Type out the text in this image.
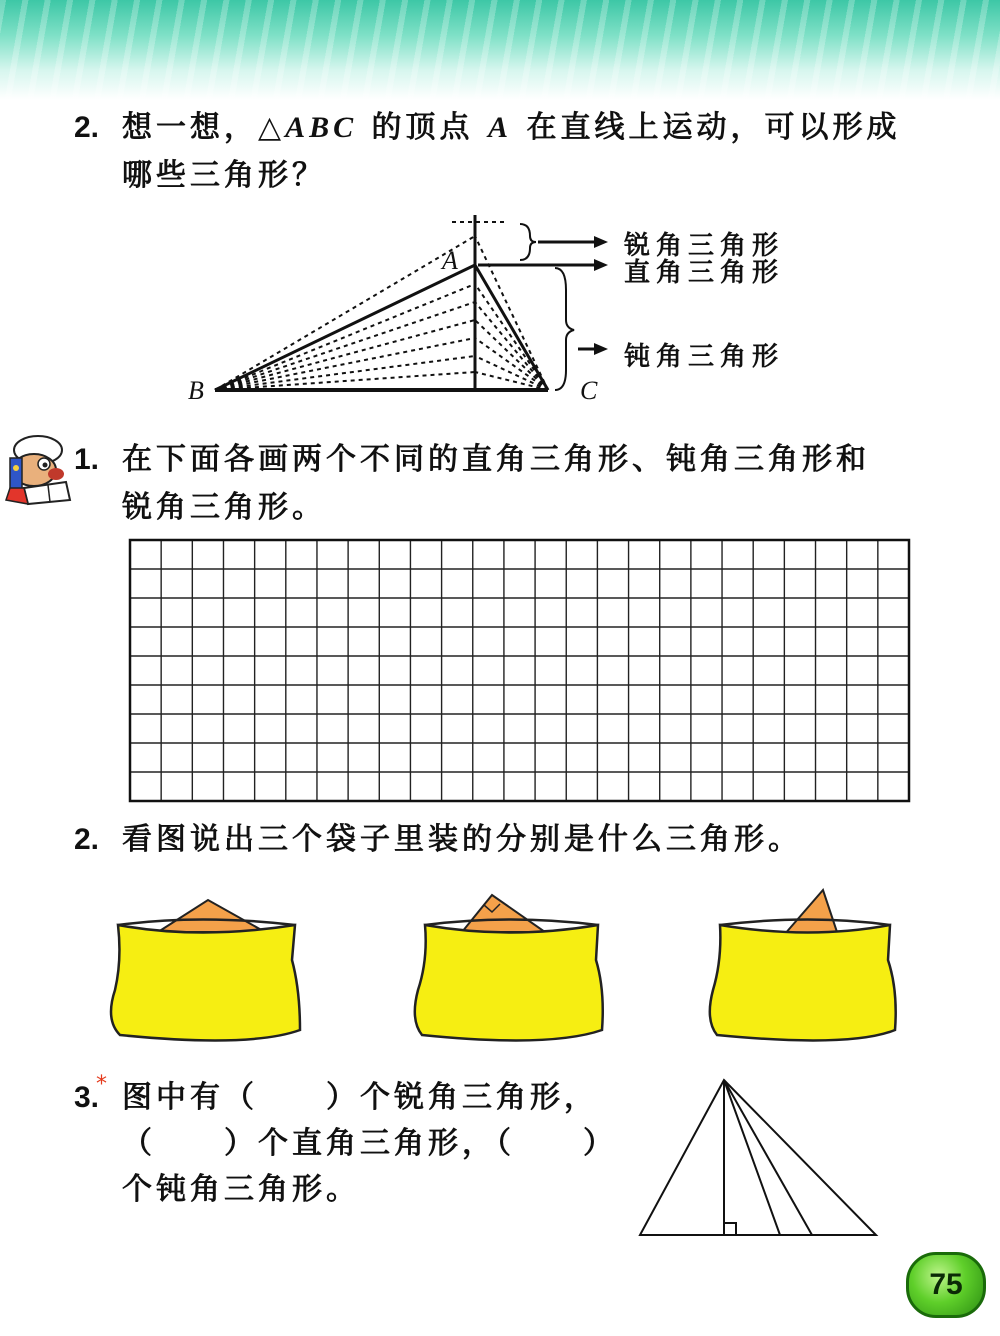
2. 想一想，△ABC 的顶点 A 在直线上运动，可以形成
哪些三角形？
A
B	C
锐角三角形
直角三角形
钝角三角形
1. 在下面各画两个不同的直角三角形、钝角三角形和
锐角三角形。
2. 看图说出三个袋子里装的分别是什么三角形。
3.
* 图中有（　　）个锐角三角形，
（　　）个直角三角形，（　　）
个钝角三角形。
75
